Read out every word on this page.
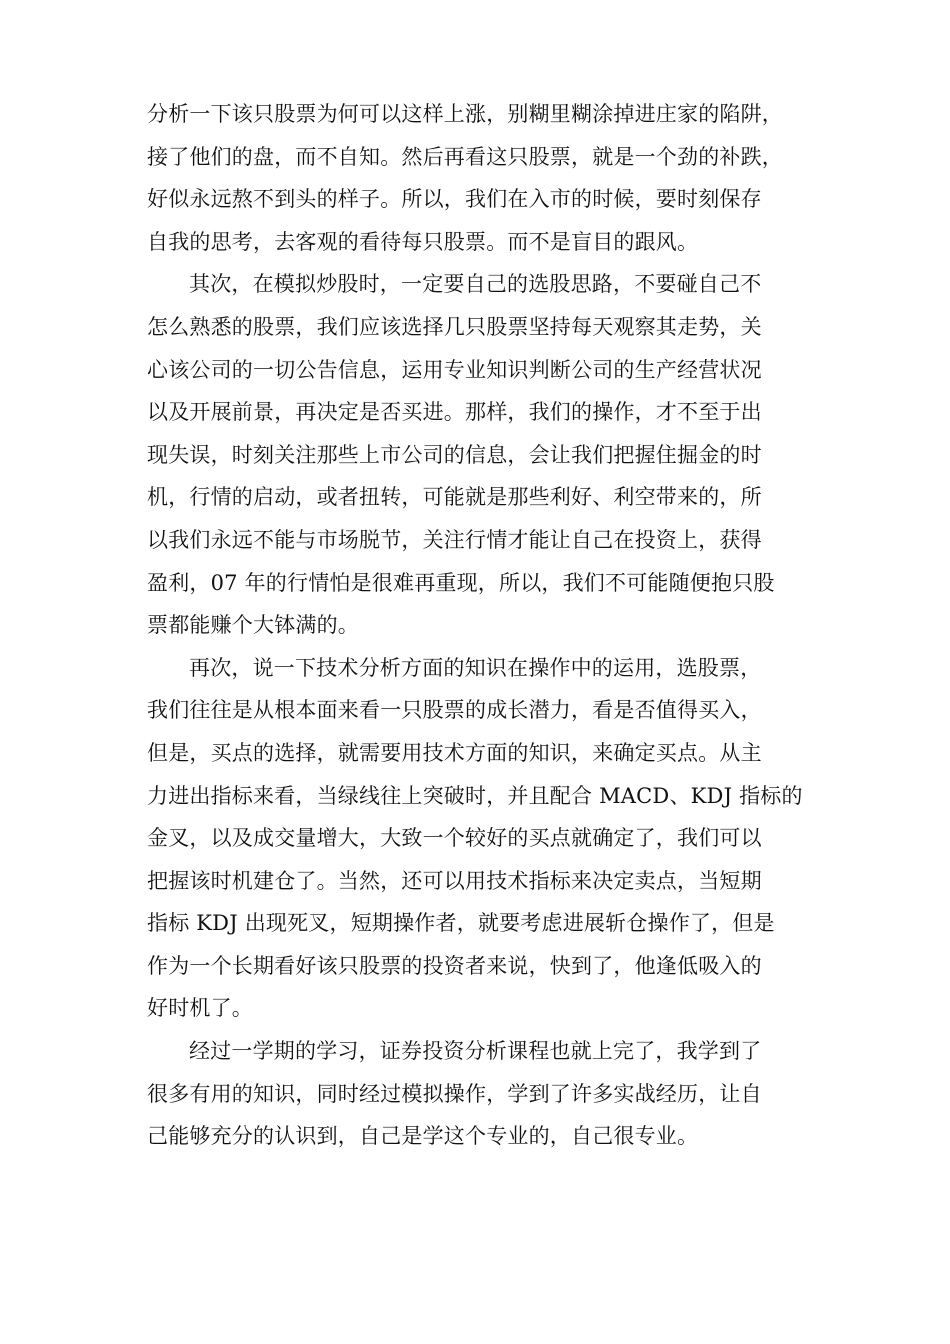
分析一下该只股票为何可以这样上涨，别糊里糊涂掉进庄家的陷阱，
接了他们的盘，而不自知。然后再看这只股票，就是一个劲的补跌，
好似永远熬不到头的样子。所以，我们在入市的时候，要时刻保存
自我的思考，去客观的看待每只股票。而不是盲目的跟风。
其次，在模拟炒股时，一定要自己的选股思路，不要碰自己不
怎么熟悉的股票，我们应该选择几只股票坚持每天观察其走势，关
心该公司的一切公告信息，运用专业知识判断公司的生产经营状况
以及开展前景，再决定是否买进。那样，我们的操作，才不至于出
现失误，时刻关注那些上市公司的信息，会让我们把握住掘金的时
机，行情的启动，或者扭转，可能就是那些利好、利空带来的，所
以我们永远不能与市场脱节，关注行情才能让自己在投资上，获得
盈利，07 年的行情怕是很难再重现，所以，我们不可能随便抱只股
票都能赚个大钵满的。
再次，说一下技术分析方面的知识在操作中的运用，选股票，
我们往往是从根本面来看一只股票的成长潜力，看是否值得买入，
但是，买点的选择，就需要用技术方面的知识，来确定买点。从主
力进出指标来看，当绿线往上突破时，并且配合 MACD、KDJ 指标的
金叉，以及成交量增大，大致一个较好的买点就确定了，我们可以
把握该时机建仓了。当然，还可以用技术指标来决定卖点，当短期
指标 KDJ 出现死叉，短期操作者，就要考虑进展斩仓操作了，但是
作为一个长期看好该只股票的投资者来说，快到了，他逢低吸入的
好时机了。
经过一学期的学习，证券投资分析课程也就上完了，我学到了
很多有用的知识，同时经过模拟操作，学到了许多实战经历，让自
己能够充分的认识到，自己是学这个专业的，自己很专业。
